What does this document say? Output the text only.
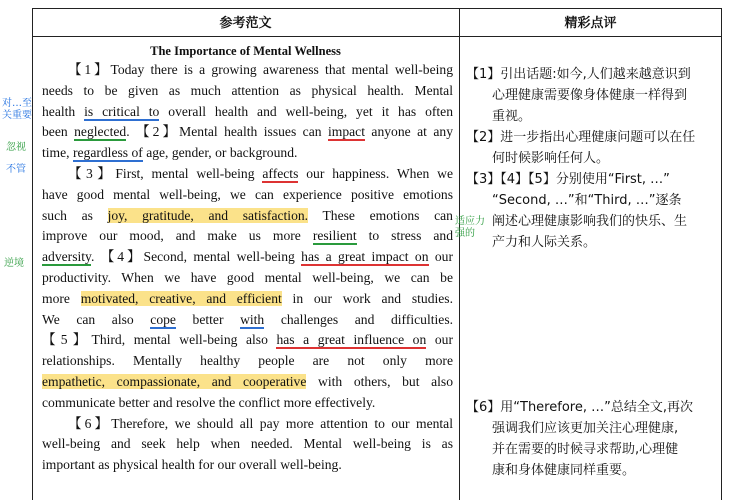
参考范文	精彩点评
The Importance of Mental Wellness
【1】Today there is a growing awareness that mental well-being
needs to be given as much attention as physical health. Mental
health is critical to overall health and well-being, yet it has often
been neglected. 【2】Mental health issues can impact anyone at any
time, regardless of age, gender, or background.
【3】First, mental well-being affects our happiness. When we
have good mental well-being, we can experience positive emotions
such as joy, gratitude, and satisfaction. These emotions can
improve our mood, and make us more resilient to stress and
adversity. 【4】Second, mental well-being has a great impact on our
productivity. When we have good mental well-being, we can be
more motivated, creative, and efficient in our work and studies.
We can also cope better with challenges and difficulties.
【5】Third, mental well-being also has a great influence on our
relationships. Mentally healthy people are not only more
empathetic, compassionate, and cooperative with others, but also
communicate better and resolve the conflict more effectively.
【6】Therefore, we should all pay more attention to our mental
well-being and seek help when needed. Mental well-being is as
important as physical health for our overall well-being.
【1】引出话题:如今,人们越来越意识到
心理健康需要像身体健康一样得到
重视。
【2】进一步指出心理健康问题可以在任
何时候影响任何人。
【3】【4】【5】分别使用“First, …”
“Second, …”和“Third, …”逐条
阐述心理健康影响我们的快乐、生
产力和人际关系。
【6】用“Therefore, …”总结全文,再次
强调我们应该更加关注心理健康,
并在需要的时候寻求帮助,心理健
康和身体健康同样重要。
对…至关重要
忽视
不管
适应力强的
逆境
